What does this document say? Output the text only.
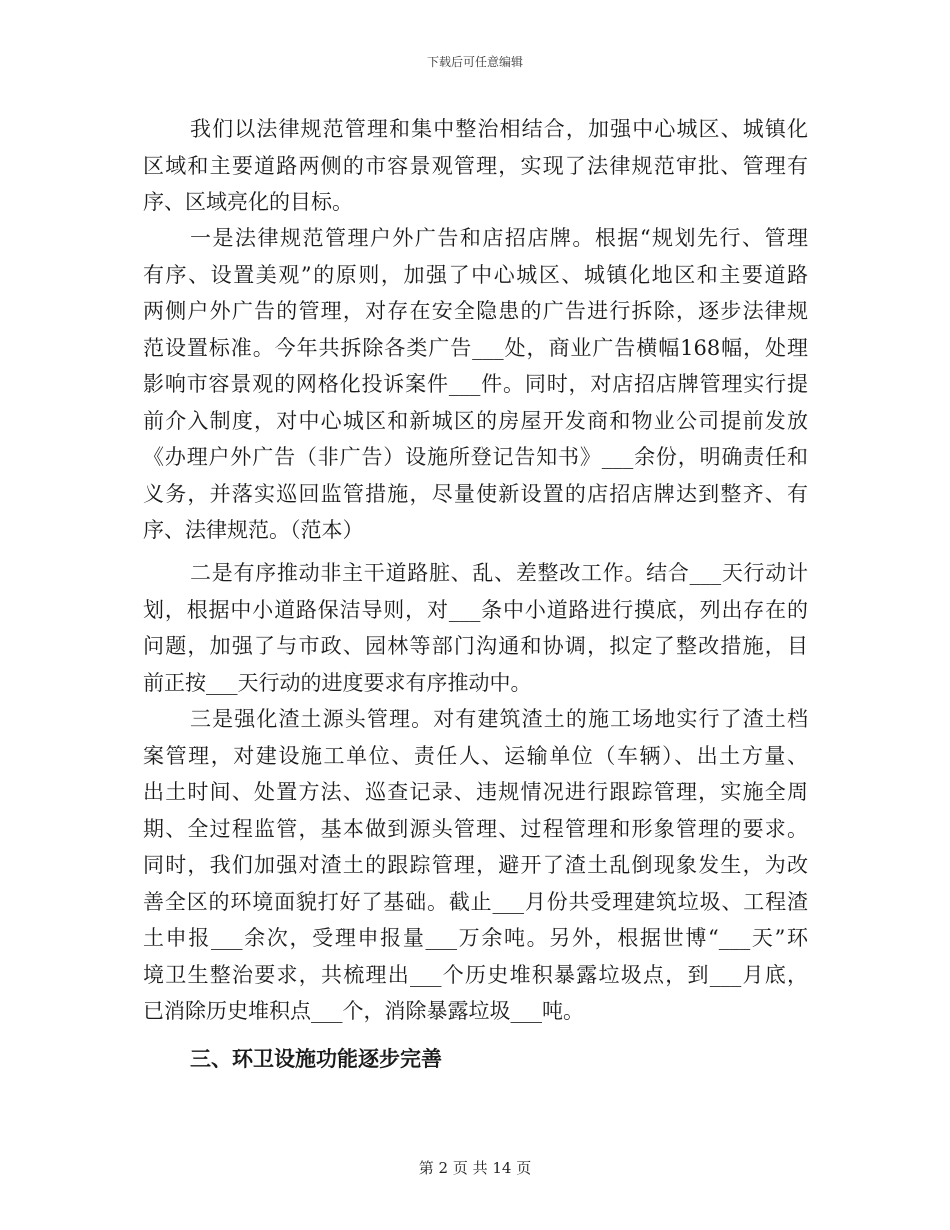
下载后可任意编辑
我们以法律规范管理和集中整治相结合，加强中心城区、城镇化
区域和主要道路两侧的市容景观管理，实现了法律规范审批、管理有
序、区域亮化的目标。
一是法律规范管理户外广告和店招店牌。根据“规划先行、管理
有序、设置美观”的原则，加强了中心城区、城镇化地区和主要道路
两侧户外广告的管理，对存在安全隐患的广告进行拆除，逐步法律规
范设置标准。今年共拆除各类广告___处，商业广告横幅168幅，处理
影响市容景观的网格化投诉案件___件。同时，对店招店牌管理实行提
前介入制度，对中心城区和新城区的房屋开发商和物业公司提前发放
《办理户外广告（非广告）设施所登记告知书》___余份，明确责任和
义务，并落实巡回监管措施，尽量使新设置的店招店牌达到整齐、有
序、法律规范。（范本）
二是有序推动非主干道路脏、乱、差整改工作。结合___天行动计
划，根据中小道路保洁导则，对___条中小道路进行摸底，列出存在的
问题，加强了与市政、园林等部门沟通和协调，拟定了整改措施，目
前正按___天行动的进度要求有序推动中。
三是强化渣土源头管理。对有建筑渣土的施工场地实行了渣土档
案管理，对建设施工单位、责任人、运输单位（车辆）、出土方量、
出土时间、处置方法、巡查记录、违规情况进行跟踪管理，实施全周
期、全过程监管，基本做到源头管理、过程管理和形象管理的要求。
同时，我们加强对渣土的跟踪管理，避开了渣土乱倒现象发生，为改
善全区的环境面貌打好了基础。截止___月份共受理建筑垃圾、工程渣
土申报___余次，受理申报量___万余吨。另外，根据世博“___天”环
境卫生整治要求，共梳理出___个历史堆积暴露垃圾点，到___月底，
已消除历史堆积点___个，消除暴露垃圾___吨。
三、环卫设施功能逐步完善
第 2 页 共 14 页
